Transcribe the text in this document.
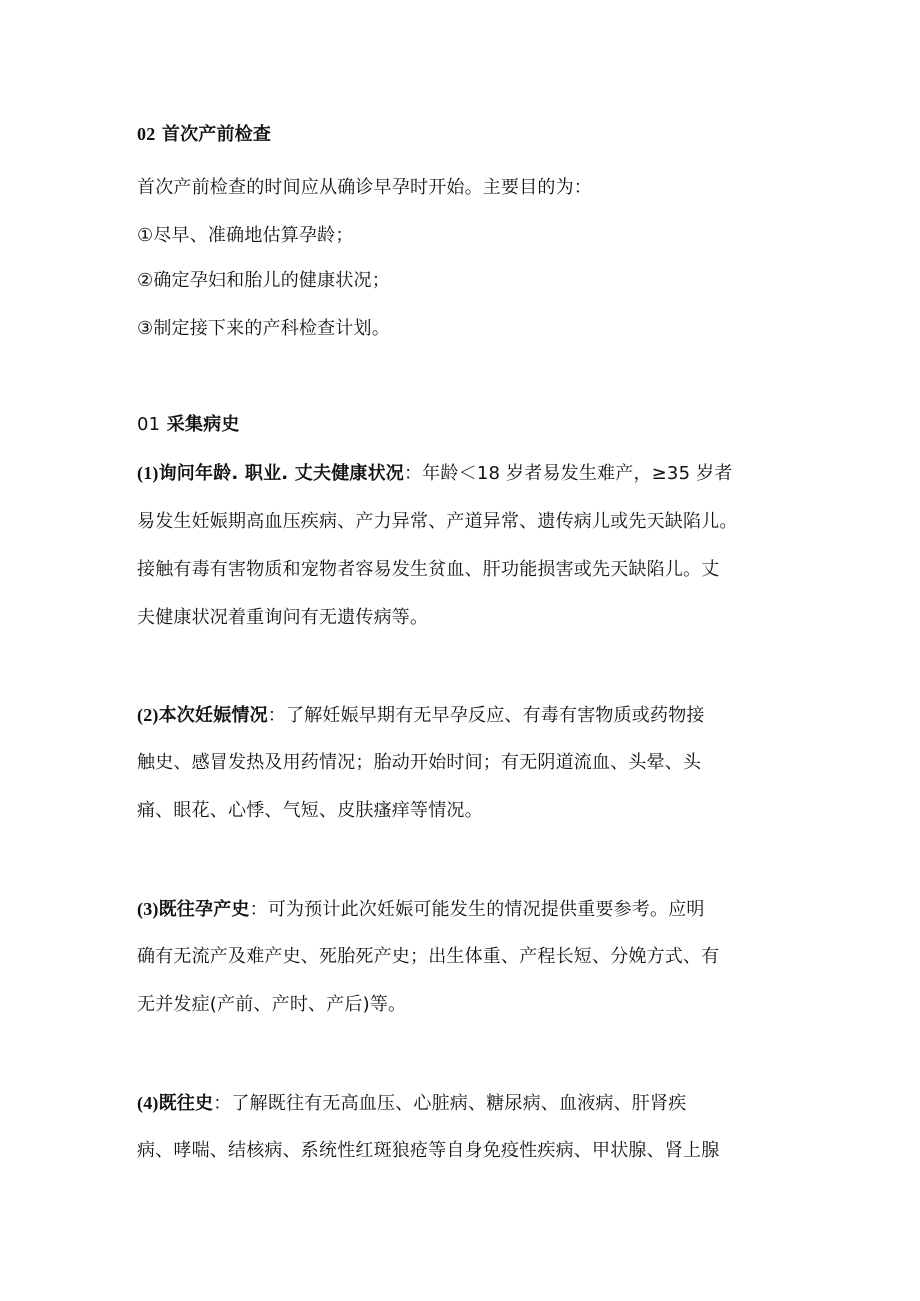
02 首次产前检查
首次产前检查的时间应从确诊早孕时开始。主要目的为：
①尽早、准确地估算孕龄；
②确定孕妇和胎儿的健康状况；
③制定接下来的产科检查计划。
01 采集病史
(1)询问年龄. 职业. 丈夫健康状况：年龄＜18 岁者易发生难产，≥35 岁者
易发生妊娠期高血压疾病、产力异常、产道异常、遗传病儿或先天缺陷儿。
接触有毒有害物质和宠物者容易发生贫血、肝功能损害或先天缺陷儿。丈
夫健康状况着重询问有无遗传病等。
(2)本次妊娠情况：了解妊娠早期有无早孕反应、有毒有害物质或药物接
触史、感冒发热及用药情况；胎动开始时间；有无阴道流血、头晕、头
痛、眼花、心悸、气短、皮肤瘙痒等情况。
(3)既往孕产史：可为预计此次妊娠可能发生的情况提供重要参考。应明
确有无流产及难产史、死胎死产史；出生体重、产程长短、分娩方式、有
无并发症(产前、产时、产后)等。
(4)既往史：了解既往有无高血压、心脏病、糖尿病、血液病、肝肾疾
病、哮喘、结核病、系统性红斑狼疮等自身免疫性疾病、甲状腺、肾上腺
